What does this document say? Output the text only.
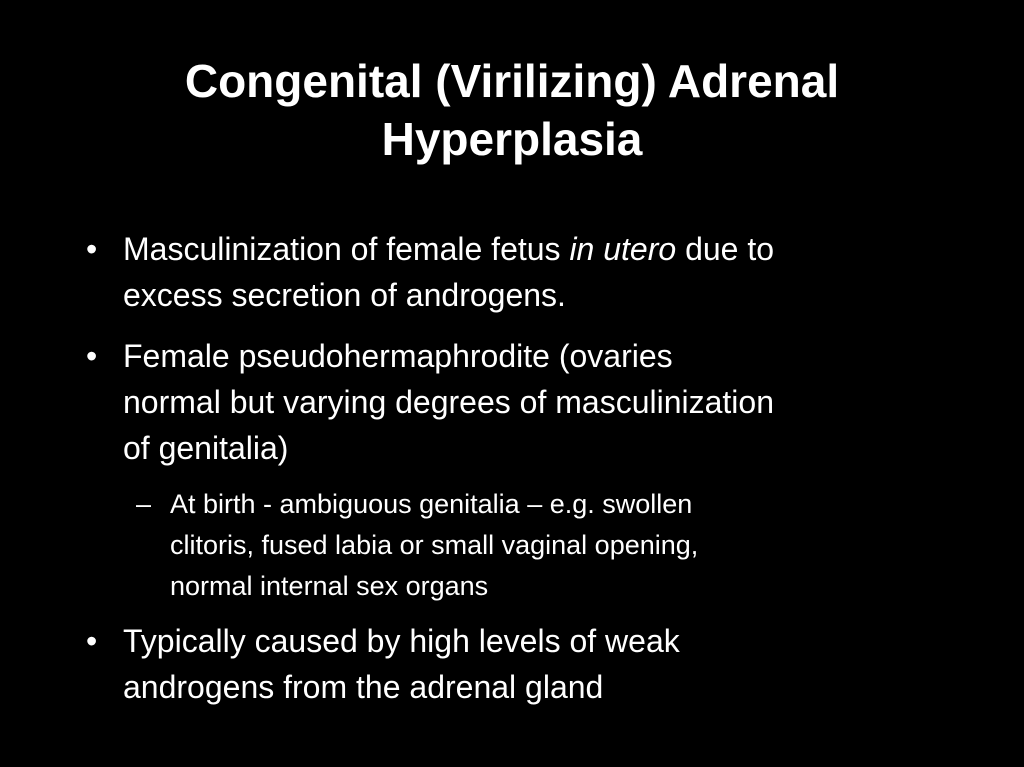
Congenital (Virilizing) Adrenal
Hyperplasia
• Masculinization of female fetus in utero due to
excess secretion of androgens.
• Female pseudohermaphrodite (ovaries
normal but varying degrees of masculinization
of genitalia)
– At birth - ambiguous genitalia – e.g. swollen
clitoris, fused labia or small vaginal opening,
normal internal sex organs
• Typically caused by high levels of weak
androgens from the adrenal gland
